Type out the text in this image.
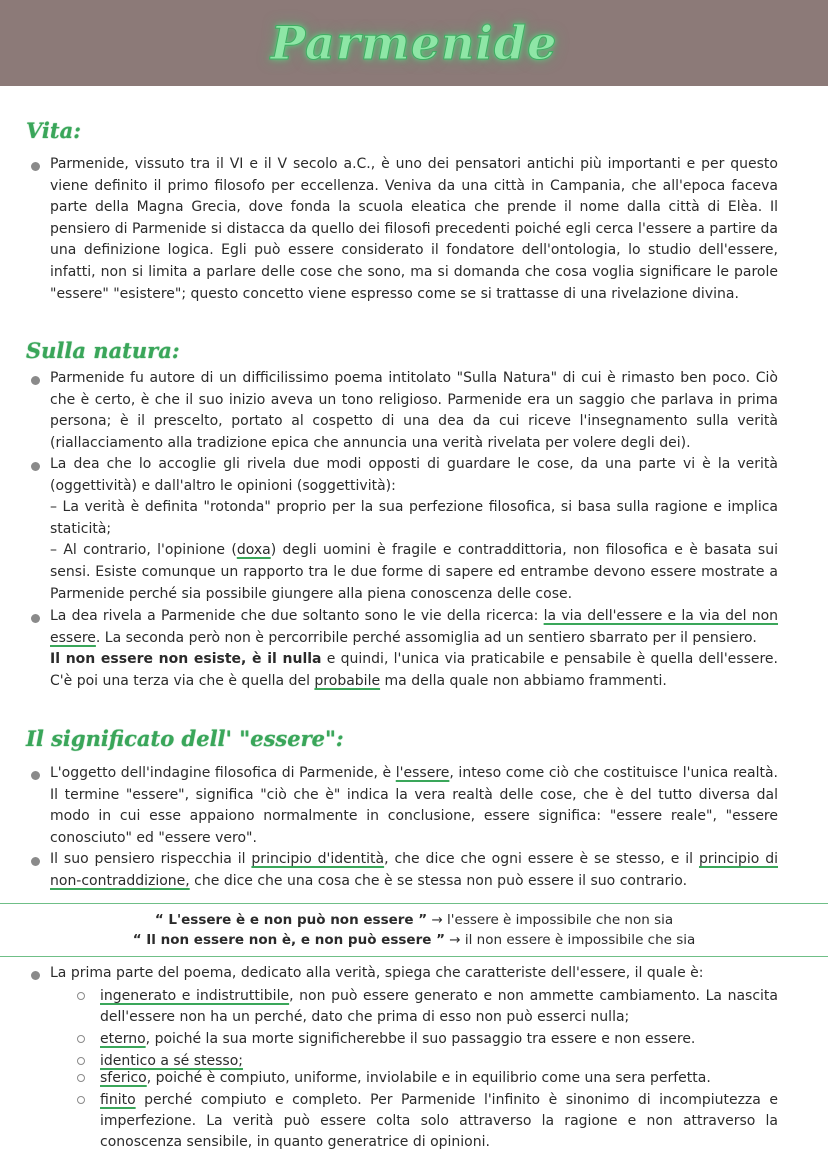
Parmenide
Vita:
Parmenide, vissuto tra il VI e il V secolo a.C., è uno dei pensatori antichi più importanti e per questo viene definito il primo filosofo per eccellenza. Veniva da una città in Campania, che all'epoca faceva parte della Magna Grecia, dove fonda la scuola eleatica che prende il nome dalla città di Elèa. Il pensiero di Parmenide si distacca da quello dei filosofi precedenti poiché egli cerca l'essere a partire da una definizione logica. Egli può essere considerato il fondatore dell'ontologia, lo studio dell'essere, infatti, non si limita a parlare delle cose che sono, ma si domanda che cosa voglia significare le parole "essere" "esistere"; questo concetto viene espresso come se si trattasse di una rivelazione divina.
Sulla natura:
Parmenide fu autore di un difficilissimo poema intitolato "Sulla Natura" di cui è rimasto ben poco. Ciò che è certo, è che il suo inizio aveva un tono religioso. Parmenide era un saggio che parlava in prima persona; è il prescelto, portato al cospetto di una dea da cui riceve l'insegnamento sulla verità (riallacciamento alla tradizione epica che annuncia una verità rivelata per volere degli dei).
La dea che lo accoglie gli rivela due modi opposti di guardare le cose, da una parte vi è la verità (oggettività) e dall'altro le opinioni (soggettività):
– La verità è definita "rotonda" proprio per la sua perfezione filosofica, si basa sulla ragione e implica staticità;
– Al contrario, l'opinione (doxa) degli uomini è fragile e contraddittoria, non filosofica e è basata sui sensi. Esiste comunque un rapporto tra le due forme di sapere ed entrambe devono essere mostrate a Parmenide perché sia possibile giungere alla piena conoscenza delle cose.
La dea rivela a Parmenide che due soltanto sono le vie della ricerca: la via dell'essere e la via del non essere. La seconda però non è percorribile perché assomiglia ad un sentiero sbarrato per il pensiero.
Il non essere non esiste, è il nulla e quindi, l'unica via praticabile e pensabile è quella dell'essere. C'è poi una terza via che è quella del probabile ma della quale non abbiamo frammenti.
Il significato dell' "essere":
L'oggetto dell'indagine filosofica di Parmenide, è l'essere, inteso come ciò che costituisce l'unica realtà. Il termine "essere", significa "ciò che è" indica la vera realtà delle cose, che è del tutto diversa dal modo in cui esse appaiono normalmente in conclusione, essere significa: "essere reale", "essere conosciuto" ed "essere vero".
Il suo pensiero rispecchia il principio d'identità, che dice che ogni essere è se stesso, e il principio di non-contraddizione, che dice che una cosa che è se stessa non può essere il suo contrario.
“ L'essere è e non può non essere ” → l'essere è impossibile che non sia
“ Il non essere non è, e non può essere ” → il non essere è impossibile che sia
La prima parte del poema, dedicato alla verità, spiega che caratteriste dell'essere, il quale è:
ingenerato e indistruttibile, non può essere generato e non ammette cambiamento. La nascita dell'essere non ha un perché, dato che prima di esso non può esserci nulla;
eterno, poiché la sua morte significherebbe il suo passaggio tra essere e non essere.
identico a sé stesso;
sferico, poiché è compiuto, uniforme, inviolabile e in equilibrio come una sera perfetta.
finito perché compiuto e completo. Per Parmenide l'infinito è sinonimo di incompiutezza e imperfezione. La verità può essere colta solo attraverso la ragione e non attraverso la conoscenza sensibile, in quanto generatrice di opinioni.
